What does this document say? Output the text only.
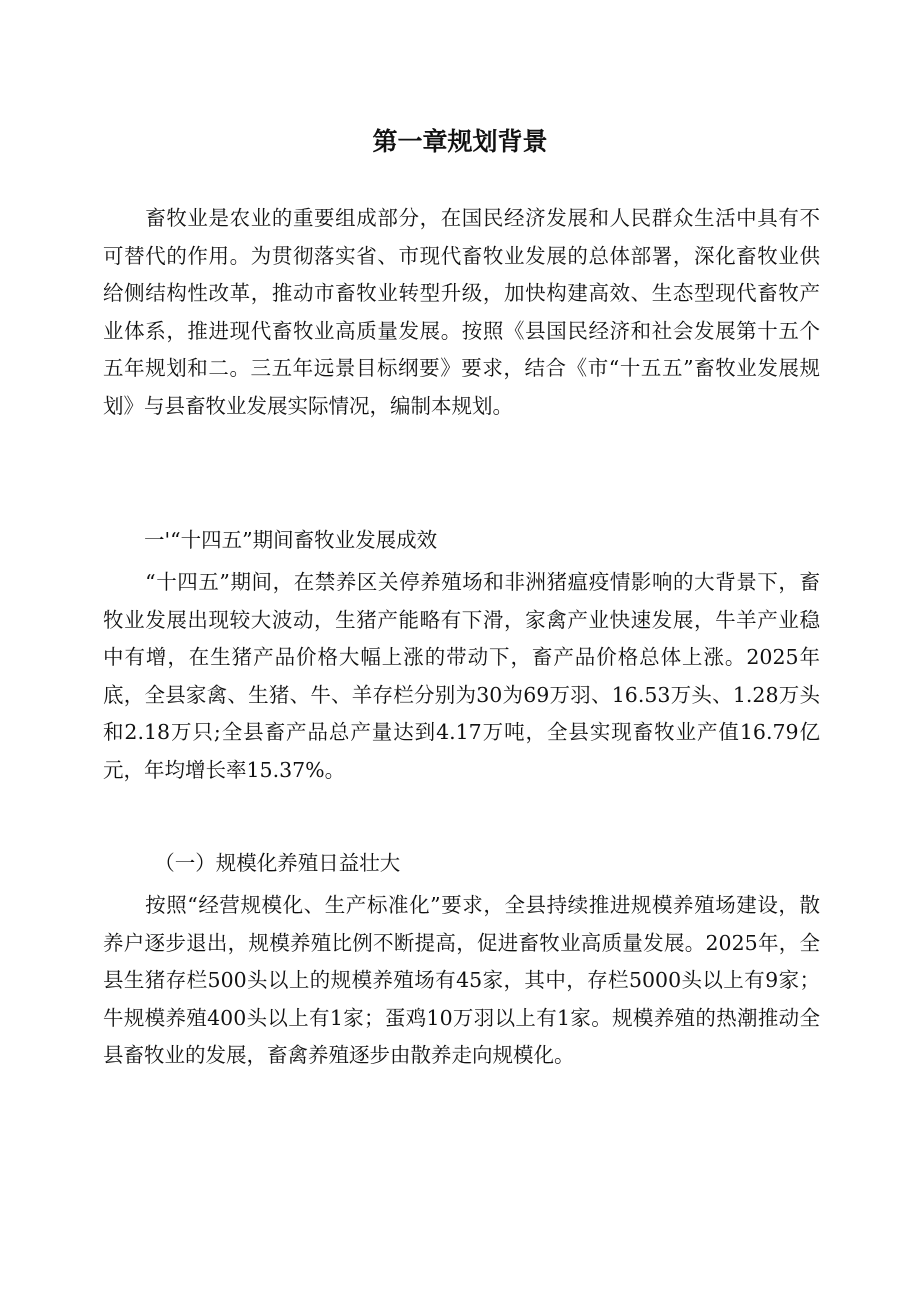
第一章规划背景
　　畜牧业是农业的重要组成部分，在国民经济发展和人民群众生活中具有不可替代的作用。为贯彻落实省、市现代畜牧业发展的总体部署，深化畜牧业供给侧结构性改革，推动市畜牧业转型升级，加快构建高效、生态型现代畜牧产业体系，推进现代畜牧业高质量发展。按照《县国民经济和社会发展第十五个五年规划和二。三五年远景目标纲要》要求，结合《市“十五五”畜牧业发展规划》与县畜牧业发展实际情况，编制本规划。
　　一'“十四五”期间畜牧业发展成效
　　“十四五”期间，在禁养区关停养殖场和非洲猪瘟疫情影响的大背景下，畜牧业发展出现较大波动，生猪产能略有下滑，家禽产业快速发展，牛羊产业稳中有增，在生猪产品价格大幅上涨的带动下，畜产品价格总体上涨。2025年底，全县家禽、生猪、牛、羊存栏分别为30为69万羽、16.53万头、1.28万头和2.18万只;全县畜产品总产量达到4.17万吨，全县实现畜牧业产值16.79亿元，年均增长率15.37%。
　　　（一）规模化养殖日益壮大
　　按照“经营规模化、生产标准化”要求，全县持续推进规模养殖场建设，散养户逐步退出，规模养殖比例不断提高，促进畜牧业高质量发展。2025年，全县生猪存栏500头以上的规模养殖场有45家，其中，存栏5000头以上有9家；牛规模养殖400头以上有1家；蛋鸡10万羽以上有1家。规模养殖的热潮推动全县畜牧业的发展，畜禽养殖逐步由散养走向规模化。
